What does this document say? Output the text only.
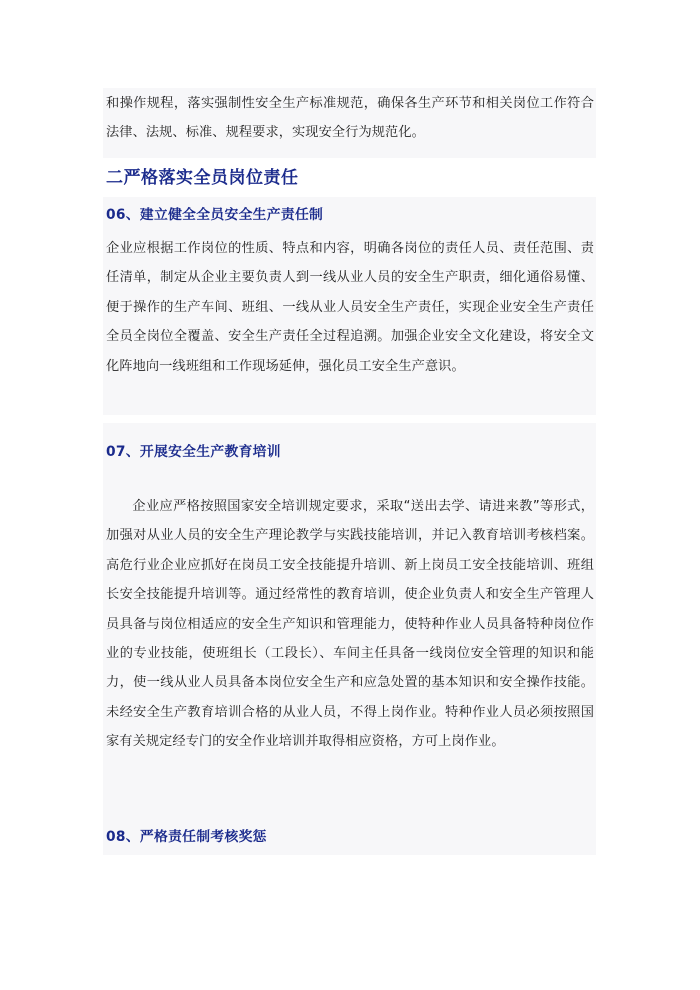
和操作规程，落实强制性安全生产标准规范，确保各生产环节和相关岗位工作符合法律、法规、标准、规程要求，实现安全行为规范化。

二严格落实全员岗位责任
06、建立健全全员安全生产责任制

企业应根据工作岗位的性质、特点和内容，明确各岗位的责任人员、责任范围、责任清单，制定从企业主要负责人到一线从业人员的安全生产职责，细化通俗易懂、便于操作的生产车间、班组、一线从业人员安全生产责任，实现企业安全生产责任全员全岗位全覆盖、安全生产责任全过程追溯。加强企业安全文化建设，将安全文化阵地向一线班组和工作现场延伸，强化员工安全生产意识。

07、开展安全生产教育培训

企业应严格按照国家安全培训规定要求，采取“送出去学、请进来教”等形式，加强对从业人员的安全生产理论教学与实践技能培训，并记入教育培训考核档案。高危行业企业应抓好在岗员工安全技能提升培训、新上岗员工安全技能培训、班组长安全技能提升培训等。通过经常性的教育培训，使企业负责人和安全生产管理人员具备与岗位相适应的安全生产知识和管理能力，使特种作业人员具备特种岗位作业的专业技能，使班组长（工段长）、车间主任具备一线岗位安全管理的知识和能力，使一线从业人员具备本岗位安全生产和应急处置的基本知识和安全操作技能。未经安全生产教育培训合格的从业人员，不得上岗作业。特种作业人员必须按照国家有关规定经专门的安全作业培训并取得相应资格，方可上岗作业。

08、严格责任制考核奖惩
